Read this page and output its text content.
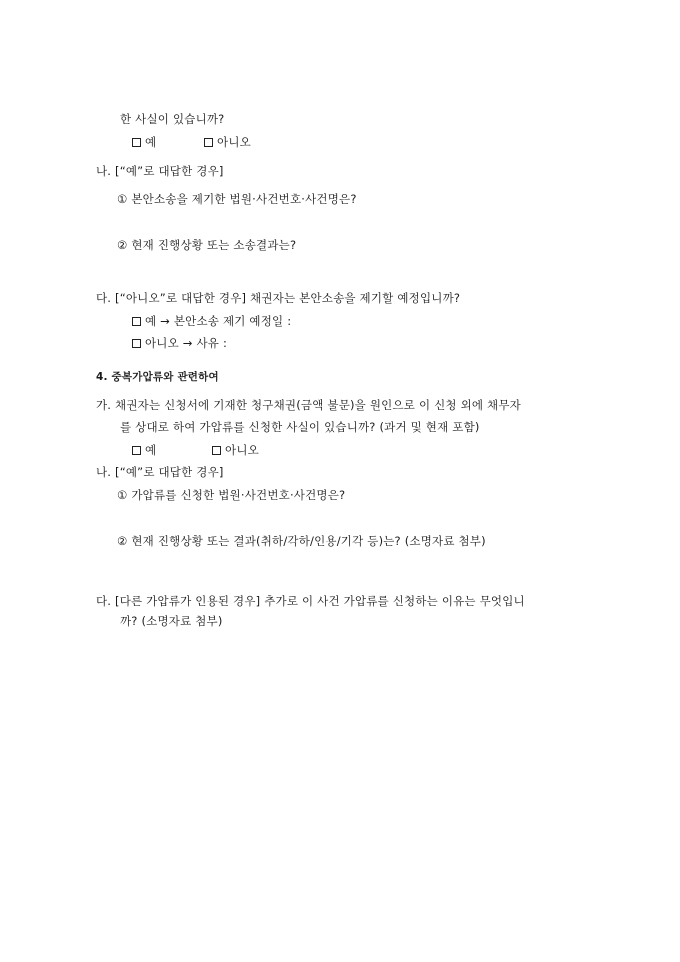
한 사실이 있습니까?
예	아니오
나. [“예”로 대답한 경우]
① 본안소송을 제기한 법원·사건번호·사건명은?
② 현재 진행상황 또는 소송결과는?
다. [“아니오”로 대답한 경우] 채권자는 본안소송을 제기할 예정입니까?
예 → 본안소송 제기 예정일 :
아니오 → 사유 :
4. 중복가압류와 관련하여
가. 채권자는 신청서에 기재한 청구채권(금액 불문)을 원인으로 이 신청 외에 채무자
를 상대로 하여 가압류를 신청한 사실이 있습니까? (과거 및 현재 포함)
예	아니오
나. [“예”로 대답한 경우]
① 가압류를 신청한 법원·사건번호·사건명은?
② 현재 진행상황 또는 결과(취하/각하/인용/기각 등)는? (소명자료 첨부)
다. [다른 가압류가 인용된 경우] 추가로 이 사건 가압류를 신청하는 이유는 무엇입니
까? (소명자료 첨부)
